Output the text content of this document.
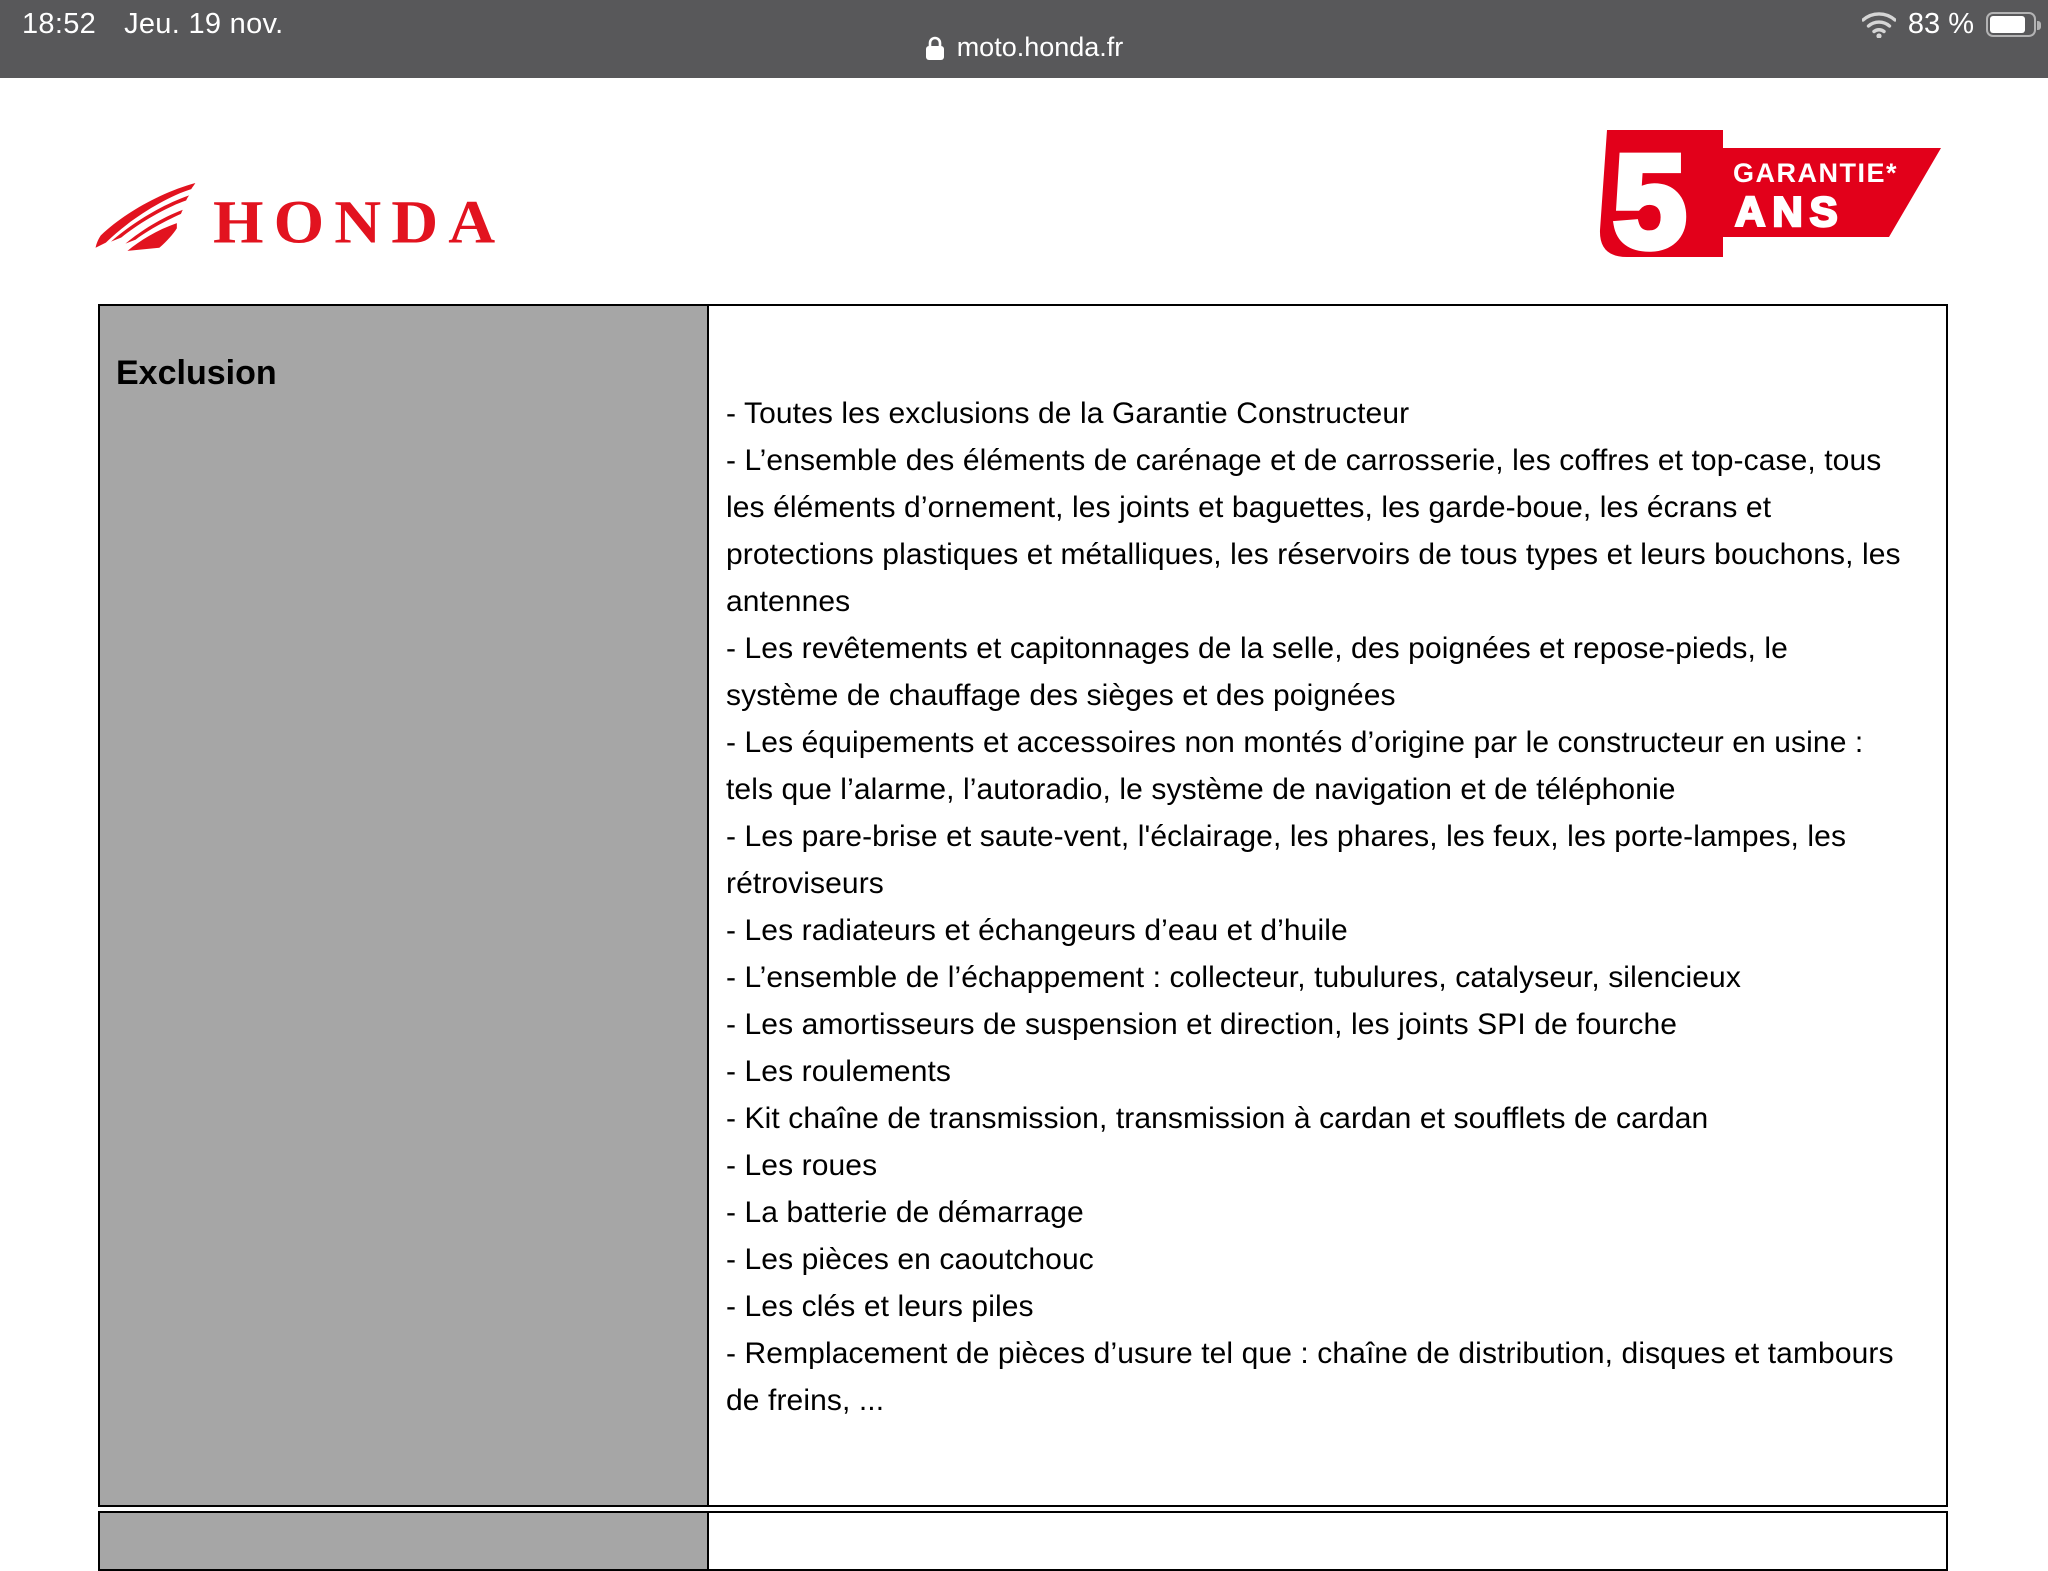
18:52 Jeu. 19 nov.
moto.honda.fr
83 %
HONDA	5 GARANTIE*
ANS
Exclusion
- Toutes les exclusions de la Garantie Constructeur
- L’ensemble des éléments de carénage et de carrosserie, les coffres et top-case, tous les éléments d’ornement, les joints et baguettes, les garde-boue, les écrans et protections plastiques et métalliques, les réservoirs de tous types et leurs bouchons, les antennes
- Les revêtements et capitonnages de la selle, des poignées et repose-pieds, le système de chauffage des sièges et des poignées
- Les équipements et accessoires non montés d’origine par le constructeur en usine : tels que l’alarme, l’autoradio, le système de navigation et de téléphonie
- Les pare-brise et saute-vent, l'éclairage, les phares, les feux, les porte-lampes, les rétroviseurs
- Les radiateurs et échangeurs d’eau et d’huile
- L’ensemble de l’échappement : collecteur, tubulures, catalyseur, silencieux
- Les amortisseurs de suspension et direction, les joints SPI de fourche
- Les roulements
- Kit chaîne de transmission, transmission à cardan et soufflets de cardan
- Les roues
- La batterie de démarrage
- Les pièces en caoutchouc
- Les clés et leurs piles
- Remplacement de pièces d’usure tel que : chaîne de distribution, disques et tambours de freins, ...
